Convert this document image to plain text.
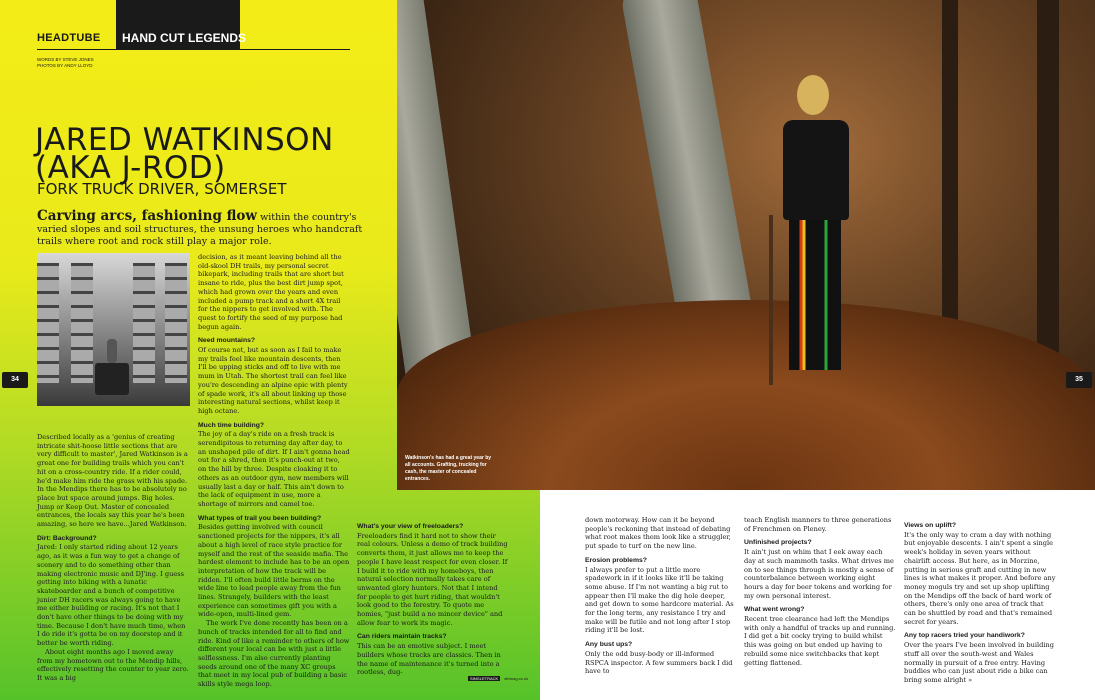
HEADTUBE HAND CUT LEGENDS
WORDS BY STEVE JONES
PHOTOS BY ANDY LLOYD
JARED WATKINSON
(AKA J-ROD)
FORK TRUCK DRIVER, SOMERSET
Carving arcs, fashioning flow within the country's varied slopes and soil structures, the unsung heroes who handcraft trails where root and rock still play a major role.
Watkinson's has had a great year by all accounts. Grafting, trucking for cash, the master of concealed entrances.
34	35

Described locally as a 'genius of creating intricate shit-hoose little sections that are very difficult to master', Jared Watkinson is a great one for building trails which you can't hit on a cross-country ride. If a rider could, he'd make him ride the grass with his spade. In the Mendips there has to be absolutely no place but space around jumps. Big holes. Jump or Keep Out. Master of concealed entrances, the locals say this year he's been amazing, so here we have...Jared Watkinson.

Dirt: Background?

Jared: I only started riding about 12 years ago, as it was a fun way to get a change of scenery and to do something other than making electronic music and DJ'ing. I guess getting into biking with a lunatic skateboarder and a bunch of competitive junior DH racers was always going to have me either building or racing. It's not that I don't have other things to be doing with my time. Because I don't have much time, when I do ride it's gotta be on my doorstep and it better be worth riding.

About eight months ago I moved away from my hometown out to the Mendip hills, effectively resetting the counter to year zero. It was a big

decision, as it meant leaving behind all the old-skool DH trails, my personal secret bikepark, including trails that are short but insane to ride, plus the best dirt jump spot, which had grown over the years and even included a pump track and a short 4X trail for the nippers to get involved with. The quest to fortify the seed of my purpose had begun again.

Need mountains?

Of course not, but as soon as I fail to make my trails feel like mountain descents, then I'll be upping sticks and off to live with me mum in Utah. The shortest trail can feel like you're descending an alpine epic with plenty of spade work, it's all about linking up those interesting natural sections, whilst keep it high octane.

Much time building?

The joy of a day's ride on a fresh track is serendipitous to returning day after day, to an unshaped pile of dirt. If I ain't gonna head out for a shred, then it's punch-out at two, on the hill by three. Despite cloaking it to others as an outdoor gym, new members will usually last a day or half. This ain't down to the lack of equipment in use, more a shortage of mirrors and camel toe.

What types of trail you been building?

Besides getting involved with council sanctioned projects for the nippers, it's all about a high level of race style practice for myself and the rest of the seaside mafia. The hardest element to include has to be an open interpretation of how the track will be ridden. I'll often build little berms on the wide line to lead people away from the fun lines. Strangely, builders with the least experience can sometimes gift you with a wide-open, multi-lined gem.

The work I've done recently has been on a bunch of tracks intended for all to find and ride. Kind of like a reminder to others of how different your local can be with just a little selflessness. I'm also currently planting seeds around one of the many XC groups that meet in my local pub of building a basic skills style mega loop.

What's your view of freeloaders?

Freeloaders find it hard not to show their real colours. Unless a demo of track building converts them, it just allows me to keep the people I have least respect for even closer. If I build it to ride with my homeboys, then natural selection normally takes care of unwanted glory hunters. Not that I intend for people to get hurt riding, that wouldn't look good to the forestry. To quote me homies, "just build a no mincer device" and allow fear to work its magic.

Can riders maintain tracks?

This can be an emotive subject. I meet builders whose tracks are classics. Then in the name of maintenance it's turned into a rootless, dug-

down motorway. How can it be beyond people's reckoning that instead of debating what root makes them look like a struggler, put spade to turf on the new line.

Erosion problems?

I always prefer to put a little more spadework in if it looks like it'll be taking some abuse. If I'm not wanting a big rut to appear then I'll make the dig hole deeper, and get down to some hardcore material. As for the long term, any resistance I try and make will be futile and not long after I stop riding it'll be lost.

Any bust ups?

Only the odd busy-body or ill-informed RSPCA inspector. A few summers back I did have to

teach English manners to three generations of Frenchmen on Pleney.

Unfinished projects?

It ain't just on whim that I eek away each day at such mammoth tasks. What drives me on to see things through is mostly a sense of counterbalance between working eight hours a day for beer tokens and working for my own personal interest.

What went wrong?

Recent tree clearance had left the Mendips with only a handful of tracks up and running. I did get a bit cocky trying to build whilst this was going on but ended up having to rebuild some nice switchbacks that kept getting flattened.

Views on uplift?

It's the only way to cram a day with nothing but enjoyable descents. I ain't spent a single week's holiday in seven years without chairlift access. But here, as in Morzine, putting in serious graft and cutting in new lines is what makes it proper. And before any money moguls try and set up shop uplifting on the Mendips off the back of hard work of others, there's only one area of track that can be shuttled by road and that's remained secret for years.

Any top racers tried your handiwork?

Over the years I've been involved in building stuff all over the south-west and Wales normally in pursuit of a free entry. Having buddies who can just about ride a bike can bring some alright »

SINGLETRACK dirtmag.co.uk
